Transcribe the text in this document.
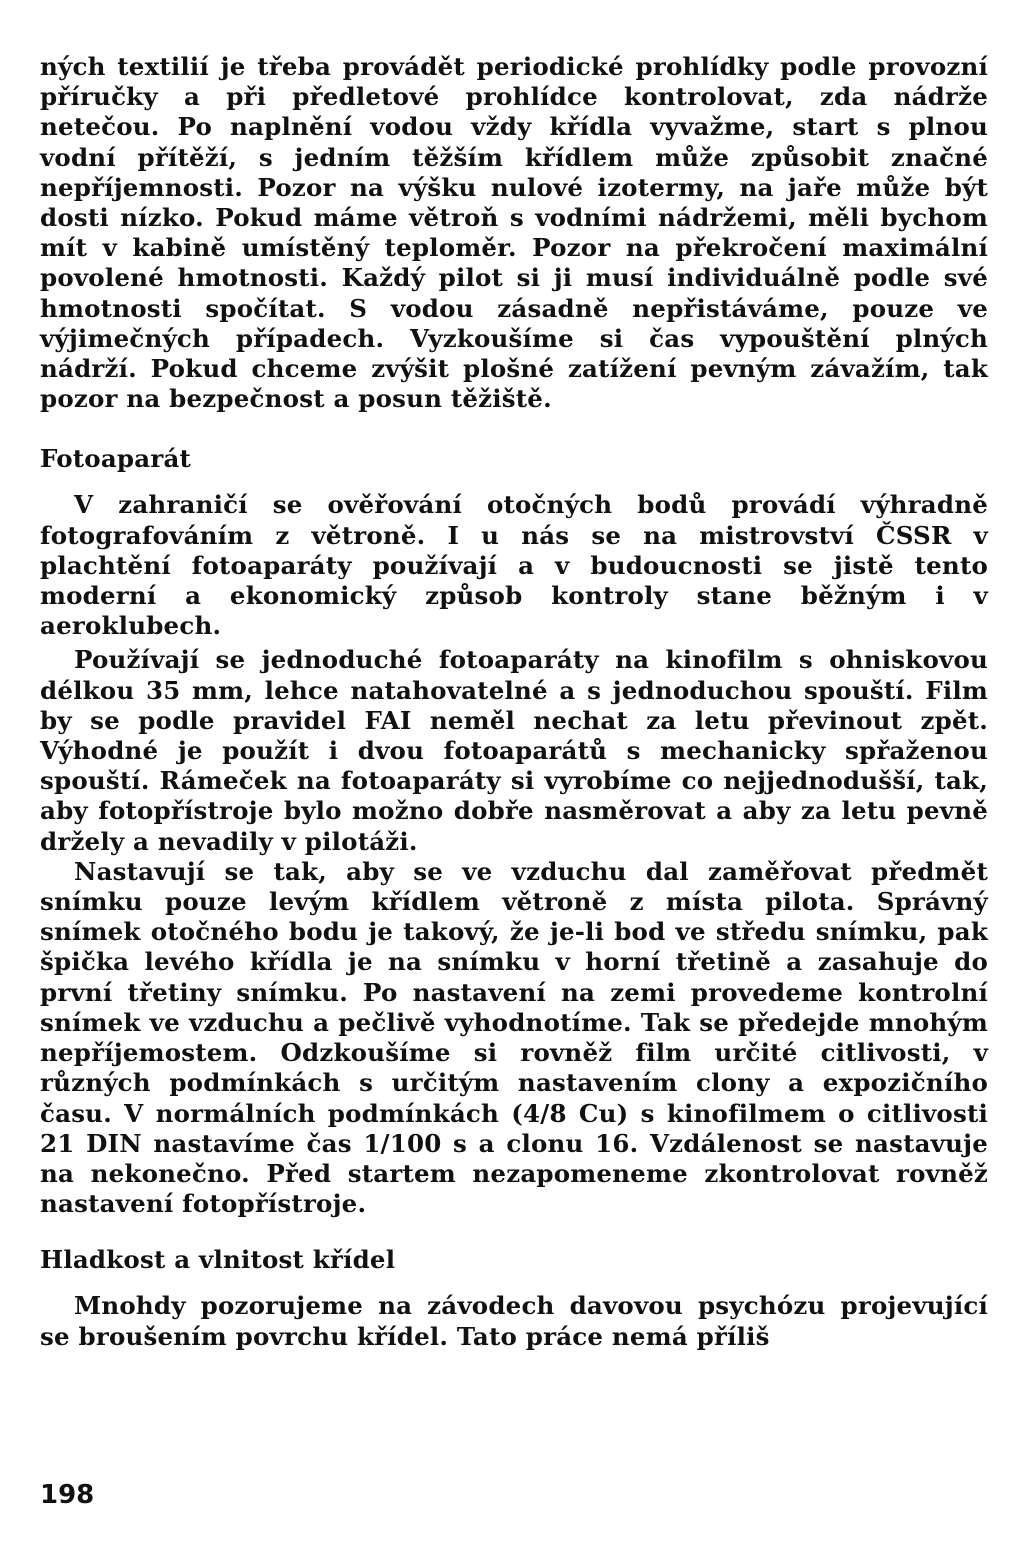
ných textilií je třeba provádět periodické prohlídky podle provozní příručky a při předletové prohlídce kontrolovat, zda nádrže netečou. Po naplnění vodou vždy křídla vyvažme, start s plnou vodní přítěží, s jedním těžším křídlem může způsobit značné nepříjemnosti. Pozor na výšku nulové izotermy, na jaře může být dosti nízko. Pokud máme větroň s vodními nádržemi, měli bychom mít v kabině umístěný teploměr. Pozor na překročení maximální povolené hmotnosti. Každý pilot si ji musí individuálně podle své hmotnosti spočítat. S vodou zásadně nepřistáváme, pouze ve výjimečných případech. Vyzkoušíme si čas vypouštění plných nádrží. Pokud chceme zvýšit plošné zatížení pevným závažím, tak pozor na bezpečnost a posun těžiště.

Fotoaparát

V zahraničí se ověřování otočných bodů provádí výhradně fotografováním z větroně. I u nás se na mistrovství ČSSR v plachtění fotoaparáty používají a v budoucnosti se jistě tento moderní a ekonomický způsob kontroly stane běžným i v aeroklubech.

Používají se jednoduché fotoaparáty na kinofilm s ohniskovou délkou 35 mm, lehce natahovatelné a s jednoduchou spouští. Film by se podle pravidel FAI neměl nechat za letu převinout zpět. Výhodné je použít i dvou fotoaparátů s mechanicky spřaženou spouští. Rámeček na fotoaparáty si vyrobíme co nejjednodušší, tak, aby fotopřístroje bylo možno dobře nasměrovat a aby za letu pevně držely a nevadily v pilotáži.

Nastavují se tak, aby se ve vzduchu dal zaměřovat předmět snímku pouze levým křídlem větroně z místa pilota. Správný snímek otočného bodu je takový, že je-li bod ve středu snímku, pak špička levého křídla je na snímku v horní třetině a zasahuje do první třetiny snímku. Po nastavení na zemi provedeme kontrolní snímek ve vzduchu a pečlivě vyhodnotíme. Tak se předejde mnohým nepříjemostem. Odzkoušíme si rovněž film určité citlivosti, v různých podmínkách s určitým nastavením clony a expozičního času. V normálních podmínkách (4/8 Cu) s kinofilmem o citlivosti 21 DIN nastavíme čas 1/100 s a clonu 16. Vzdálenost se nastavuje na nekonečno. Před startem nezapomeneme zkontrolovat rovněž nastavení fotopřístroje.

Hladkost a vlnitost křídel

Mnohdy pozorujeme na závodech davovou psychózu projevující se broušením povrchu křídel. Tato práce nemá příliš

198
